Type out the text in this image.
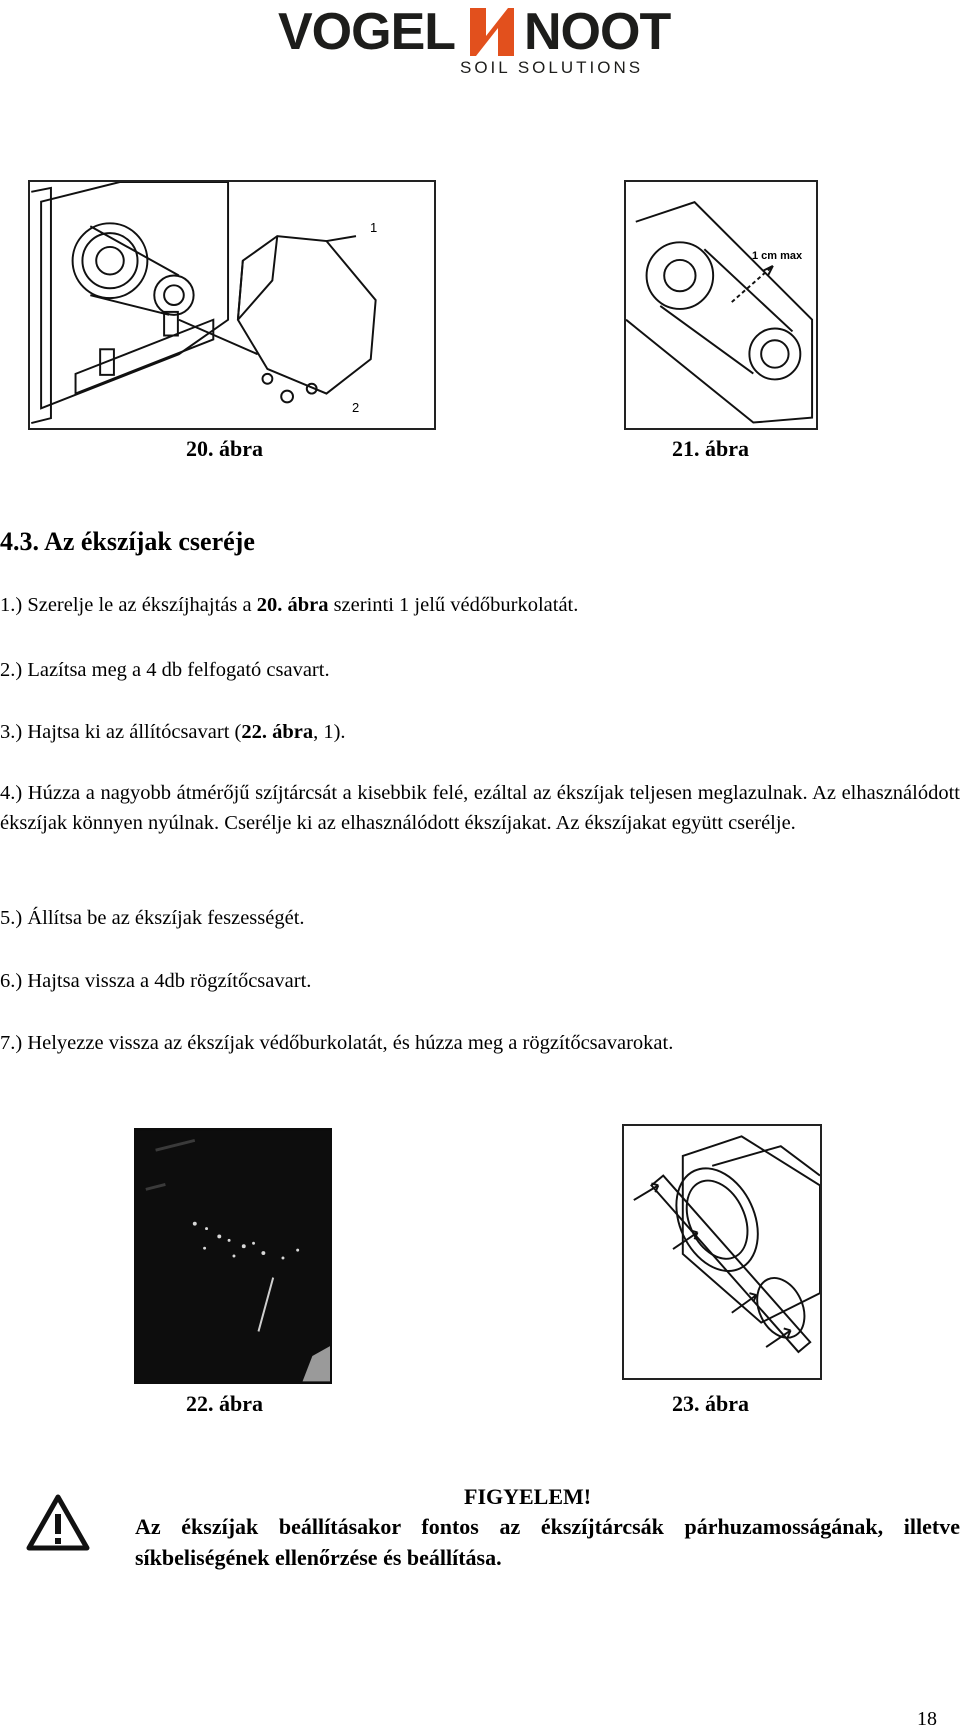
VOGEL NOOT
SOIL SOLUTIONS
1
2
20. ábra
1 cm max
21. ábra
4.3. Az ékszíjak cseréje

1.) Szerelje le az ékszíjhajtás a 20. ábra szerinti 1 jelű védőburkolatát.

2.) Lazítsa meg a 4 db felfogató csavart.

3.) Hajtsa ki az állítócsavart (22. ábra, 1).

4.) Húzza a nagyobb átmérőjű szíjtárcsát a kisebbik felé, ezáltal az ékszíjak teljesen meglazulnak. Az elhasználódott ékszíjak könnyen nyúlnak. Cserélje ki az elhasználódott ékszíjakat. Az ékszíjakat együtt cserélje.

5.) Állítsa be az ékszíjak feszességét.

6.) Hajtsa vissza a 4db rögzítőcsavart.

7.) Helyezze vissza az ékszíjak védőburkolatát, és húzza meg a rögzítőcsavarokat.

22. ábra	23. ábra
FIGYELEM!

Az ékszíjak beállításakor fontos az ékszíjtárcsák párhuzamosságának, illetve síkbeliségének ellenőrzése és beállítása.

18
